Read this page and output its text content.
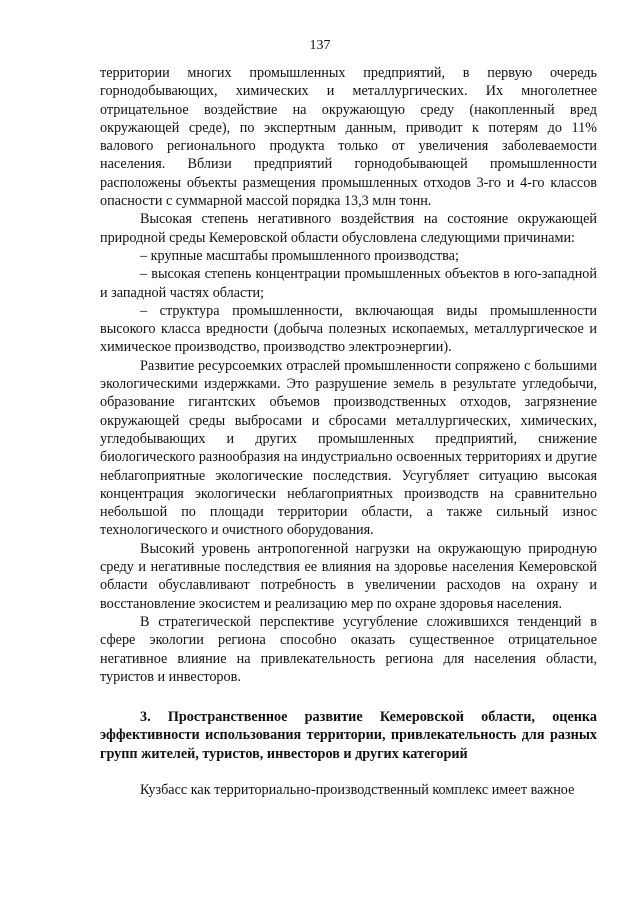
137

территории многих промышленных предприятий, в первую очередь горнодобывающих, химических и металлургических. Их многолетнее отрицательное воздействие на окружающую среду (накопленный вред окружающей среде), по экспертным данным, приводит к потерям до 11% валового регионального продукта только от увеличения заболеваемости населения. Вблизи предприятий горнодобывающей промышленности расположены объекты размещения промышленных отходов 3-го и 4-го классов опасности с суммарной массой порядка 13,3 млн тонн.

Высокая степень негативного воздействия на состояние окружающей природной среды Кемеровской области обусловлена следующими причинами:

– крупные масштабы промышленного производства;

– высокая степень концентрации промышленных объектов в юго-западной и западной частях области;

– структура промышленности, включающая виды промышленности высокого класса вредности (добыча полезных ископаемых, металлургическое и химическое производство, производство электроэнергии).

Развитие ресурсоемких отраслей промышленности сопряжено с большими экологическими издержками. Это разрушение земель в результате угледобычи, образование гигантских объемов производственных отходов, загрязнение окружающей среды выбросами и сбросами металлургических, химических, угледобывающих и других промышленных предприятий, снижение биологического разнообразия на индустриально освоенных территориях и другие неблагоприятные экологические последствия. Усугубляет ситуацию высокая концентрация экологически неблагоприятных производств на сравнительно небольшой по площади территории области, а также сильный износ технологического и очистного оборудования.

Высокий уровень антропогенной нагрузки на окружающую природную среду и негативные последствия ее влияния на здоровье населения Кемеровской области обуславливают потребность в увеличении расходов на охрану и восстановление экосистем и реализацию мер по охране здоровья населения.

В стратегической перспективе усугубление сложившихся тенденций в сфере экологии региона способно оказать существенное отрицательное негативное влияние на привлекательность региона для населения области, туристов и инвесторов.

3. Пространственное развитие Кемеровской области, оценка эффективности использования территории, привлекательность для разных групп жителей, туристов, инвесторов и других категорий

Кузбасс как территориально-производственный комплекс имеет важное
